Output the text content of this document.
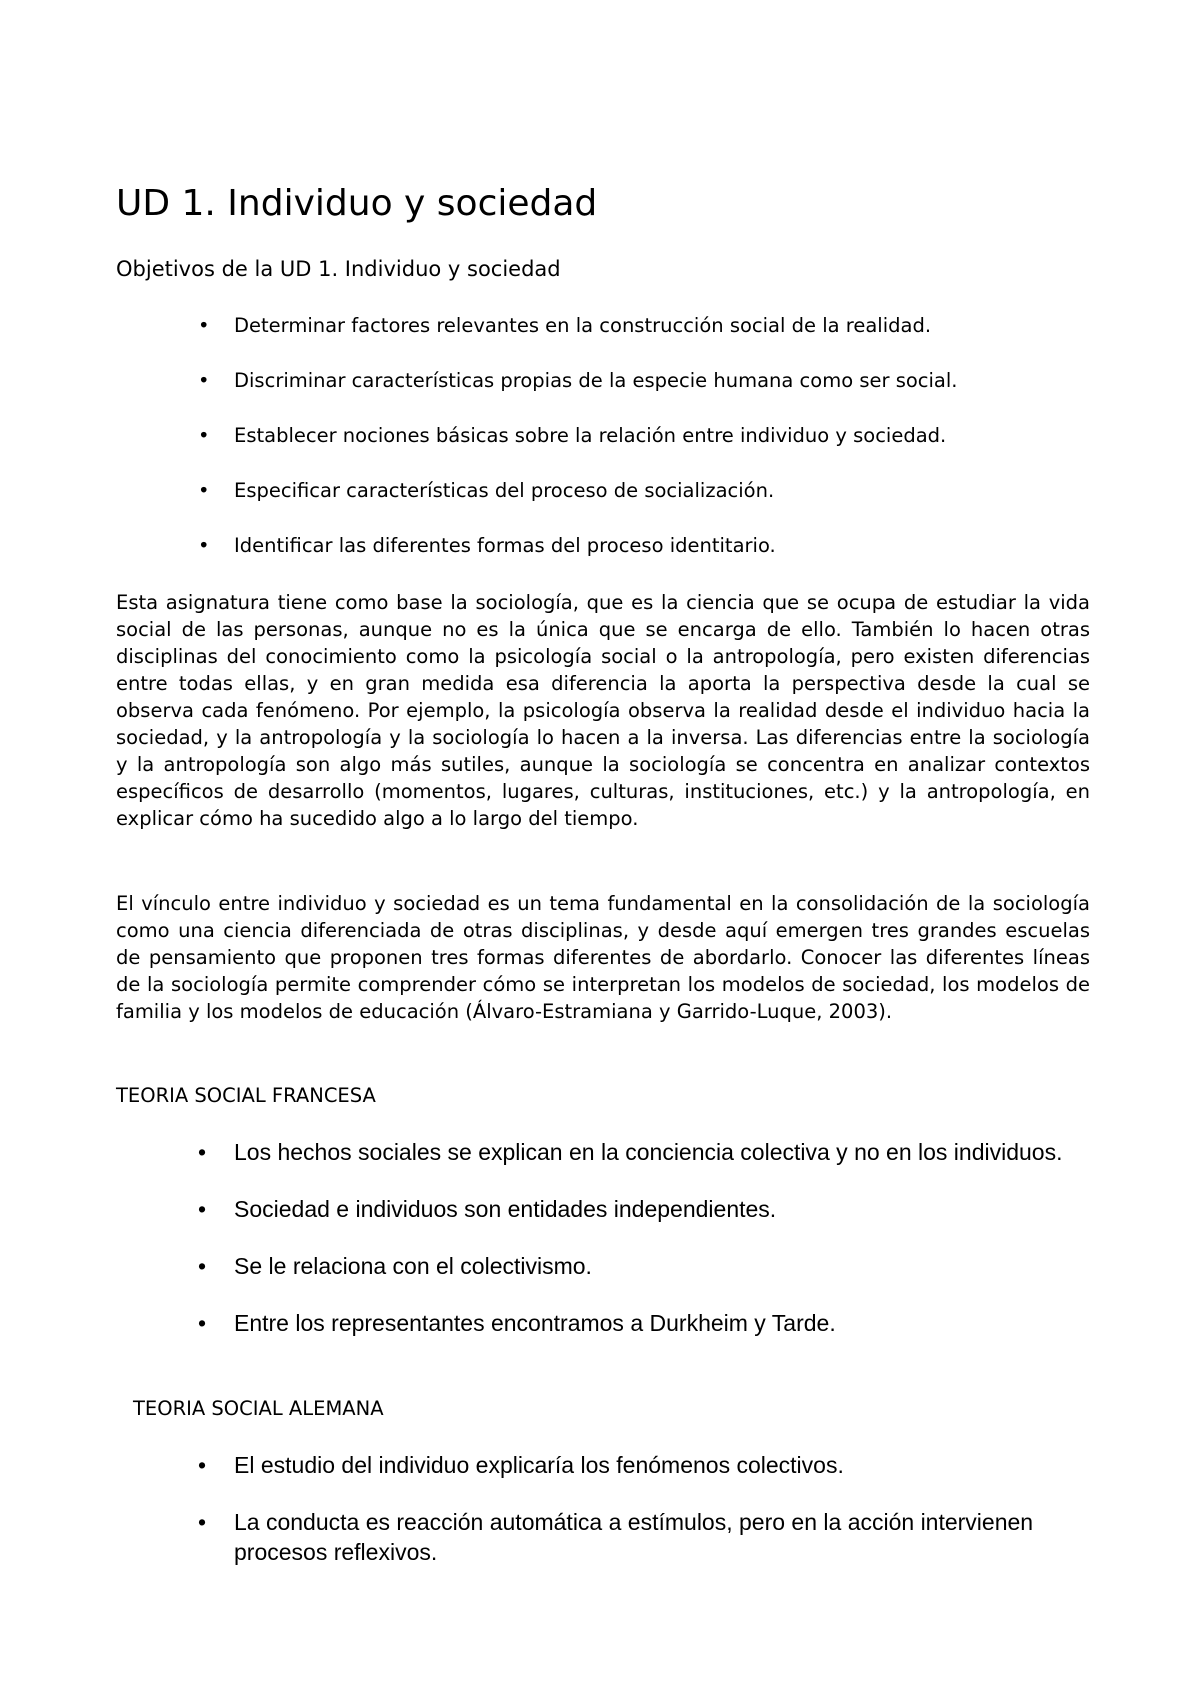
UD 1. Individuo y sociedad
Objetivos de la UD 1. Individuo y sociedad
• Determinar factores relevantes en la construcción social de la realidad.
• Discriminar características propias de la especie humana como ser social.
• Establecer nociones básicas sobre la relación entre individuo y sociedad.
• Especificar características del proceso de socialización.
• Identificar las diferentes formas del proceso identitario.

Esta asignatura tiene como base la sociología, que es la ciencia que se ocupa de estudiar la vida social de las personas, aunque no es la única que se encarga de ello. También lo hacen otras disciplinas del conocimiento como la psicología social o la antropología, pero existen diferencias entre todas ellas, y en gran medida esa diferencia la aporta la perspectiva desde la cual se observa cada fenómeno. Por ejemplo, la psicología observa la realidad desde el individuo hacia la sociedad, y la antropología y la sociología lo hacen a la inversa. Las diferencias entre la sociología y la antropología son algo más sutiles, aunque la sociología se concentra en analizar contextos específicos de desarrollo (momentos, lugares, culturas, instituciones, etc.) y la antropología, en explicar cómo ha sucedido algo a lo largo del tiempo.

El vínculo entre individuo y sociedad es un tema fundamental en la consolidación de la sociología como una ciencia diferenciada de otras disciplinas, y desde aquí emergen tres grandes escuelas de pensamiento que proponen tres formas diferentes de abordarlo. Conocer las diferentes líneas de la sociología permite comprender cómo se interpretan los modelos de sociedad, los modelos de familia y los modelos de educación (Álvaro-Estramiana y Garrido-Luque, 2003).

TEORIA SOCIAL FRANCESA
• Los hechos sociales se explican en la conciencia colectiva y no en los individuos.
• Sociedad e individuos son entidades independientes.
• Se le relaciona con el colectivismo.
• Entre los representantes encontramos a Durkheim y Tarde.
TEORIA SOCIAL ALEMANA
• El estudio del individuo explicaría los fenómenos colectivos.
• La conducta es reacción automática a estímulos, pero en la acción intervienen procesos reflexivos.
